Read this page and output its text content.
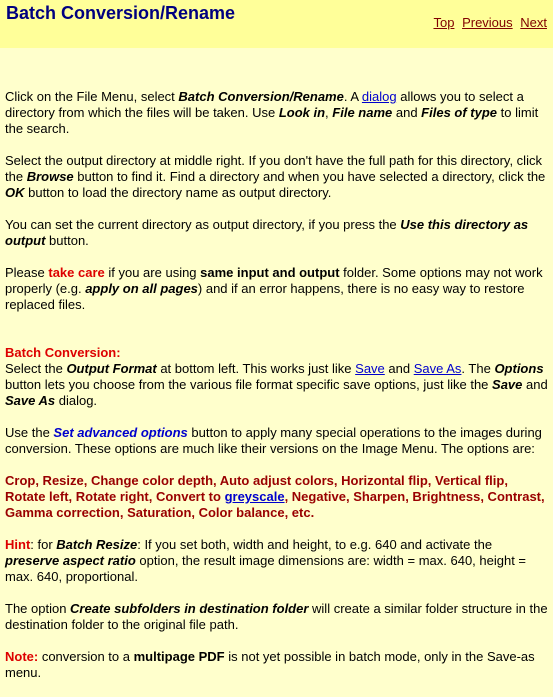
Batch Conversion/Rename	Top Previous Next

Click on the File Menu, select Batch Conversion/Rename. A dialog allows you to select a directory from which the files will be taken. Use Look in, File name and Files of type to limit the search.

Select the output directory at middle right. If you don't have the full path for this directory, click the Browse button to find it. Find a directory and when you have selected a directory, click the OK button to load the directory name as output directory.

You can set the current directory as output directory, if you press the Use this directory as output button.

Please take care if you are using same input and output folder. Some options may not work properly (e.g. apply on all pages) and if an error happens, there is no easy way to restore replaced files.

Batch Conversion:
Select the Output Format at bottom left. This works just like Save and Save As. The Options button lets you choose from the various file format specific save options, just like the Save and Save As dialog.

Use the Set advanced options button to apply many special operations to the images during conversion. These options are much like their versions on the Image Menu. The options are:

Crop, Resize, Change color depth, Auto adjust colors, Horizontal flip, Vertical flip, Rotate left, Rotate right, Convert to greyscale, Negative, Sharpen, Brightness, Contrast, Gamma correction, Saturation, Color balance, etc.

Hint: for Batch Resize: If you set both, width and height, to e.g. 640 and activate the preserve aspect ratio option, the result image dimensions are: width = max. 640, height = max. 640, proportional.

The option Create subfolders in destination folder will create a similar folder structure in the destination folder to the original file path.

Note: conversion to a multipage PDF is not yet possible in batch mode, only in the Save-as menu.
